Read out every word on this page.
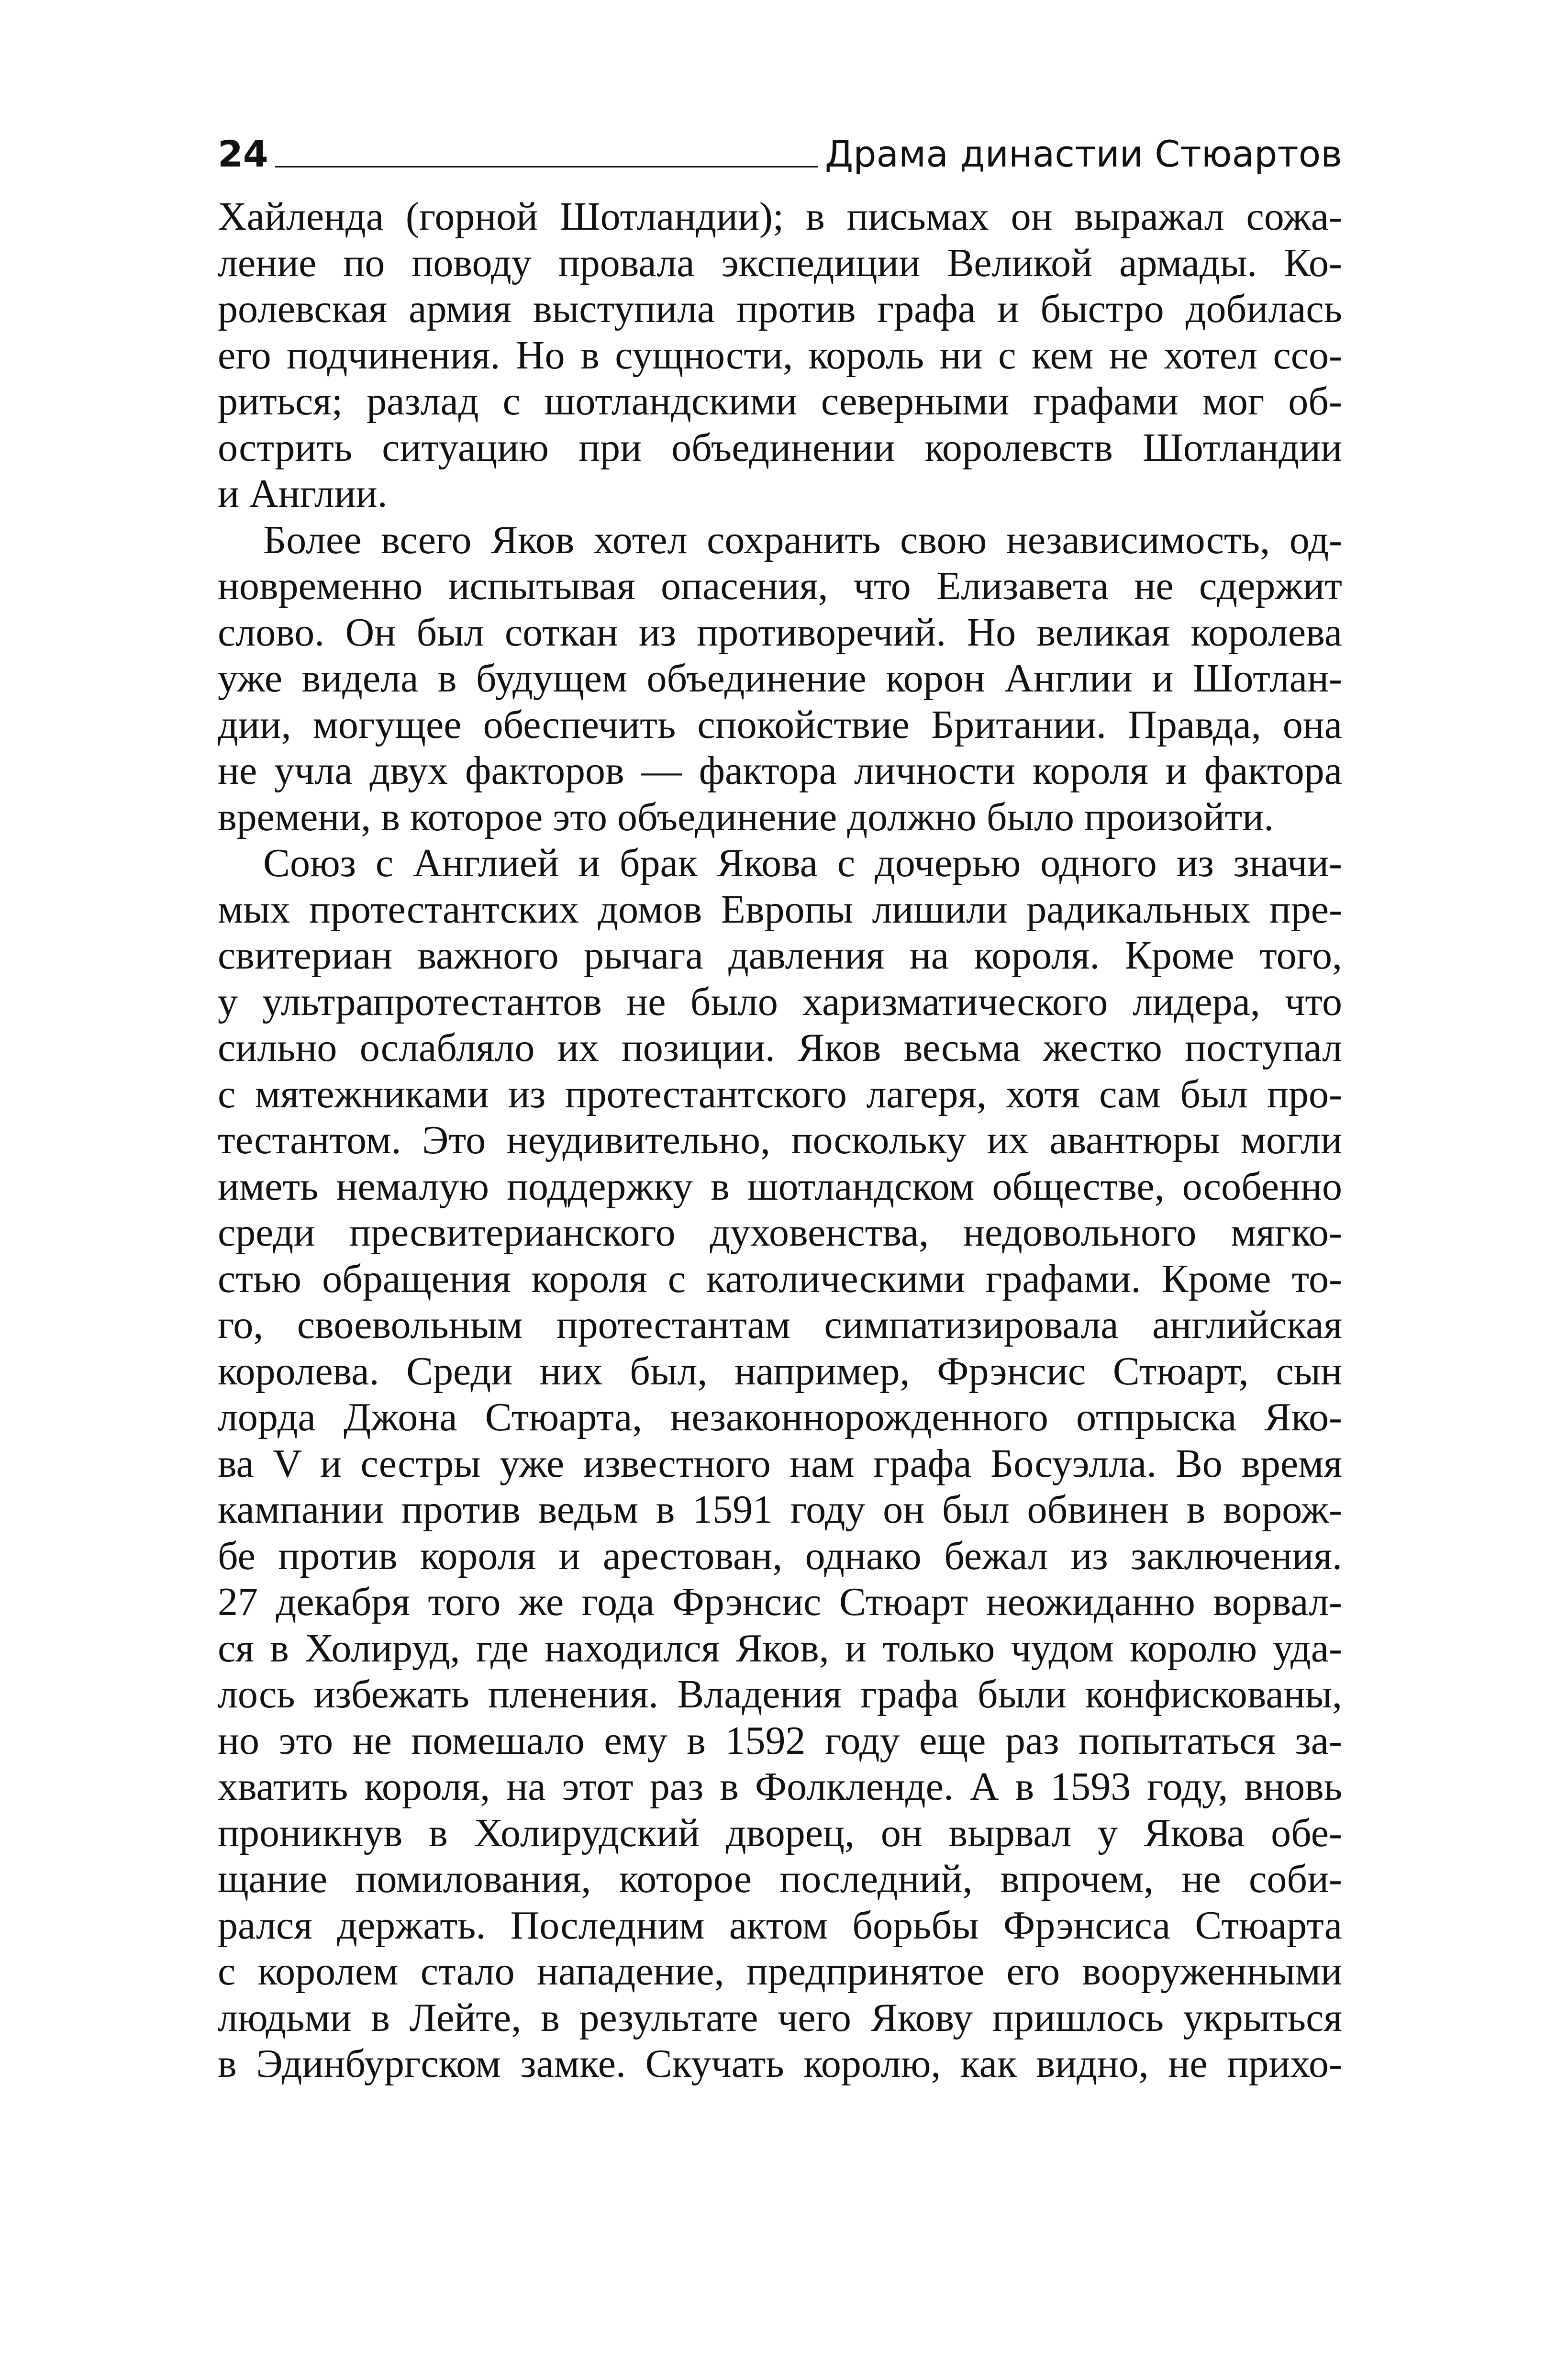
24	Драма династии Стюартов
Хайленда (горной Шотландии); в письмах он выражал сожа-
ление по поводу провала экспедиции Великой армады. Ко-
ролевская армия выступила против графа и быстро добилась
его подчинения. Но в сущности, король ни с кем не хотел ссо-
риться; разлад с шотландскими северными графами мог об-
острить ситуацию при объединении королевств Шотландии
и Англии.
Более всего Яков хотел сохранить свою независимость, од-
новременно испытывая опасения, что Елизавета не сдержит
слово. Он был соткан из противоречий. Но великая королева
уже видела в будущем объединение корон Англии и Шотлан-
дии, могущее обеспечить спокойствие Британии. Правда, она
не учла двух факторов — фактора личности короля и фактора
времени, в которое это объединение должно было произойти.
Союз с Англией и брак Якова с дочерью одного из значи-
мых протестантских домов Европы лишили радикальных пре-
свитериан важного рычага давления на короля. Кроме того,
у ультрапротестантов не было харизматического лидера, что
сильно ослабляло их позиции. Яков весьма жестко поступал
с мятежниками из протестантского лагеря, хотя сам был про-
тестантом. Это неудивительно, поскольку их авантюры могли
иметь немалую поддержку в шотландском обществе, особенно
среди пресвитерианского духовенства, недовольного мягко-
стью обращения короля с католическими графами. Кроме то-
го, своевольным протестантам симпатизировала английская
королева. Среди них был, например, Фрэнсис Стюарт, сын
лорда Джона Стюарта, незаконнорожденного отпрыска Яко-
ва V и сестры уже известного нам графа Босуэлла. Во время
кампании против ведьм в 1591 году он был обвинен в ворож-
бе против короля и арестован, однако бежал из заключения.
27 декабря того же года Фрэнсис Стюарт неожиданно ворвал-
ся в Холируд, где находился Яков, и только чудом королю уда-
лось избежать пленения. Владения графа были конфискованы,
но это не помешало ему в 1592 году еще раз попытаться за-
хватить короля, на этот раз в Фолкленде. А в 1593 году, вновь
проникнув в Холирудский дворец, он вырвал у Якова обе-
щание помилования, которое последний, впрочем, не соби-
рался держать. Последним актом борьбы Фрэнсиса Стюарта
с королем стало нападение, предпринятое его вооруженными
людьми в Лейте, в результате чего Якову пришлось укрыться
в Эдинбургском замке. Скучать королю, как видно, не прихо-
